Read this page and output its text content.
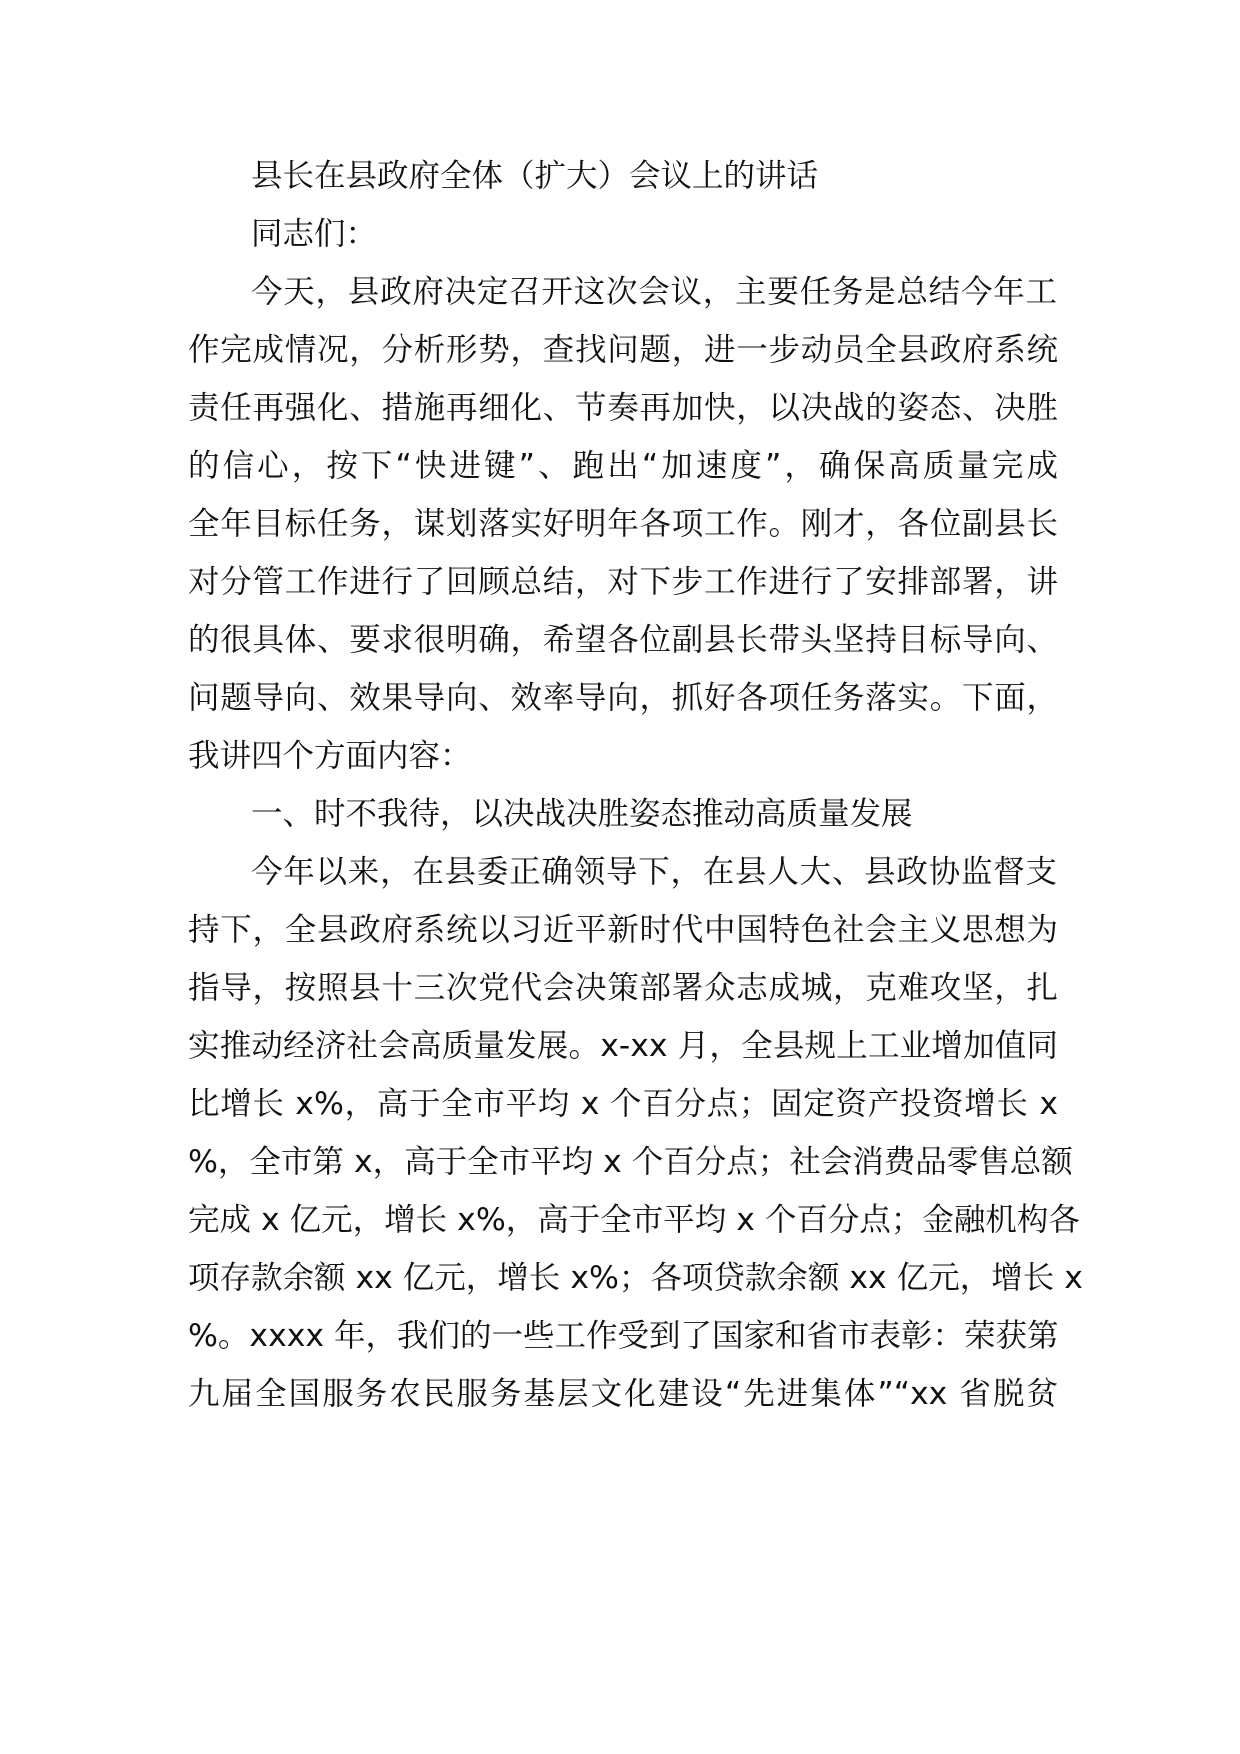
县长在县政府全体（扩大）会议上的讲话
同志们：
今天，县政府决定召开这次会议，主要任务是总结今年工
作完成情况，分析形势，查找问题，进一步动员全县政府系统
责任再强化、措施再细化、节奏再加快，以决战的姿态、决胜
的信心，按下“快进键”、跑出“加速度”，确保高质量完成
全年目标任务，谋划落实好明年各项工作。刚才，各位副县长
对分管工作进行了回顾总结，对下步工作进行了安排部署，讲
的很具体、要求很明确，希望各位副县长带头坚持目标导向、
问题导向、效果导向、效率导向，抓好各项任务落实。下面，
我讲四个方面内容：
一、时不我待，以决战决胜姿态推动高质量发展
今年以来，在县委正确领导下，在县人大、县政协监督支
持下，全县政府系统以习近平新时代中国特色社会主义思想为
指导，按照县十三次党代会决策部署众志成城，克难攻坚，扎
实推动经济社会高质量发展。x-xx 月，全县规上工业增加值同
比增长 x%，高于全市平均 x 个百分点；固定资产投资增长 x
%，全市第 x，高于全市平均 x 个百分点；社会消费品零售总额
完成 x 亿元，增长 x%，高于全市平均 x 个百分点；金融机构各
项存款余额 xx 亿元，增长 x%；各项贷款余额 xx 亿元，增长 x
%。xxxx 年，我们的一些工作受到了国家和省市表彰：荣获第
九届全国服务农民服务基层文化建设“先进集体”“xx 省脱贫
